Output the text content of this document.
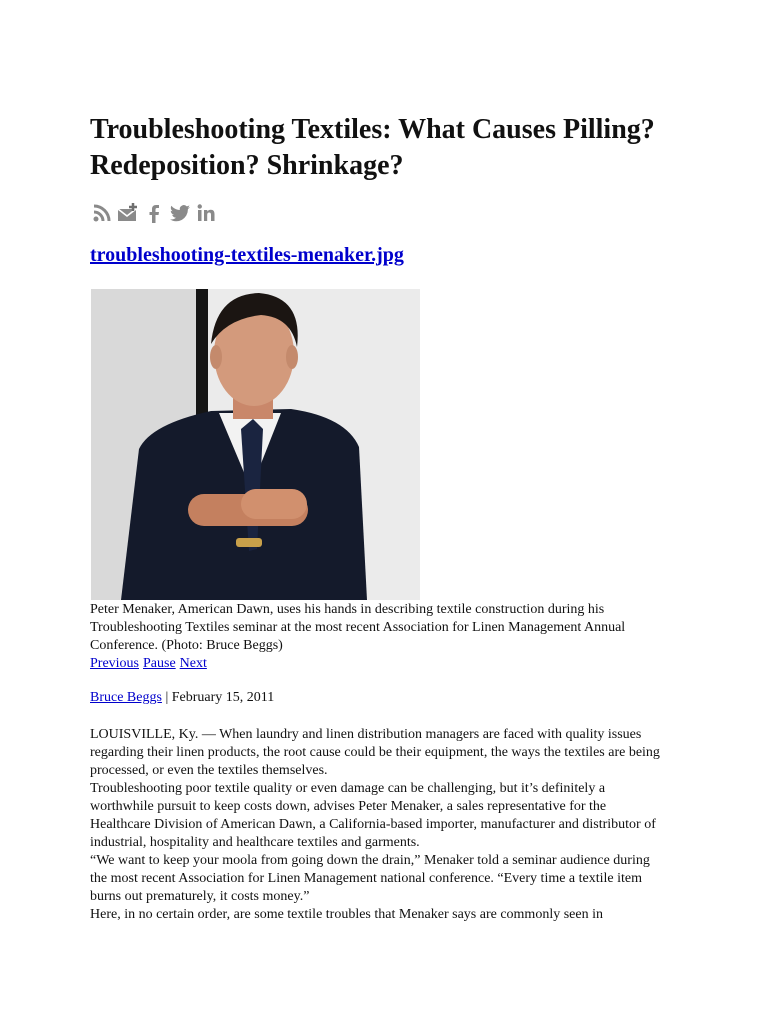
Troubleshooting Textiles: What Causes Pilling? Redeposition? Shrinkage?
troubleshooting-textiles-menaker.jpg

Peter Menaker, American Dawn, uses his hands in describing textile construction during his Troubleshooting Textiles seminar at the most recent Association for Linen Management Annual Conference. (Photo: Bruce Beggs)

Previous Pause Next
Bruce Beggs | February 15, 2011

LOUISVILLE, Ky. — When laundry and linen distribution managers are faced with quality issues regarding their linen products, the root cause could be their equipment, the ways the textiles are being processed, or even the textiles themselves.

Troubleshooting poor textile quality or even damage can be challenging, but it’s definitely a worthwhile pursuit to keep costs down, advises Peter Menaker, a sales representative for the Healthcare Division of American Dawn, a California-based importer, manufacturer and distributor of industrial, hospitality and healthcare textiles and garments.

“We want to keep your moola from going down the drain,” Menaker told a seminar audience during the most recent Association for Linen Management national conference. “Every time a textile item burns out prematurely, it costs money.”

Here, in no certain order, are some textile troubles that Menaker says are commonly seen in
